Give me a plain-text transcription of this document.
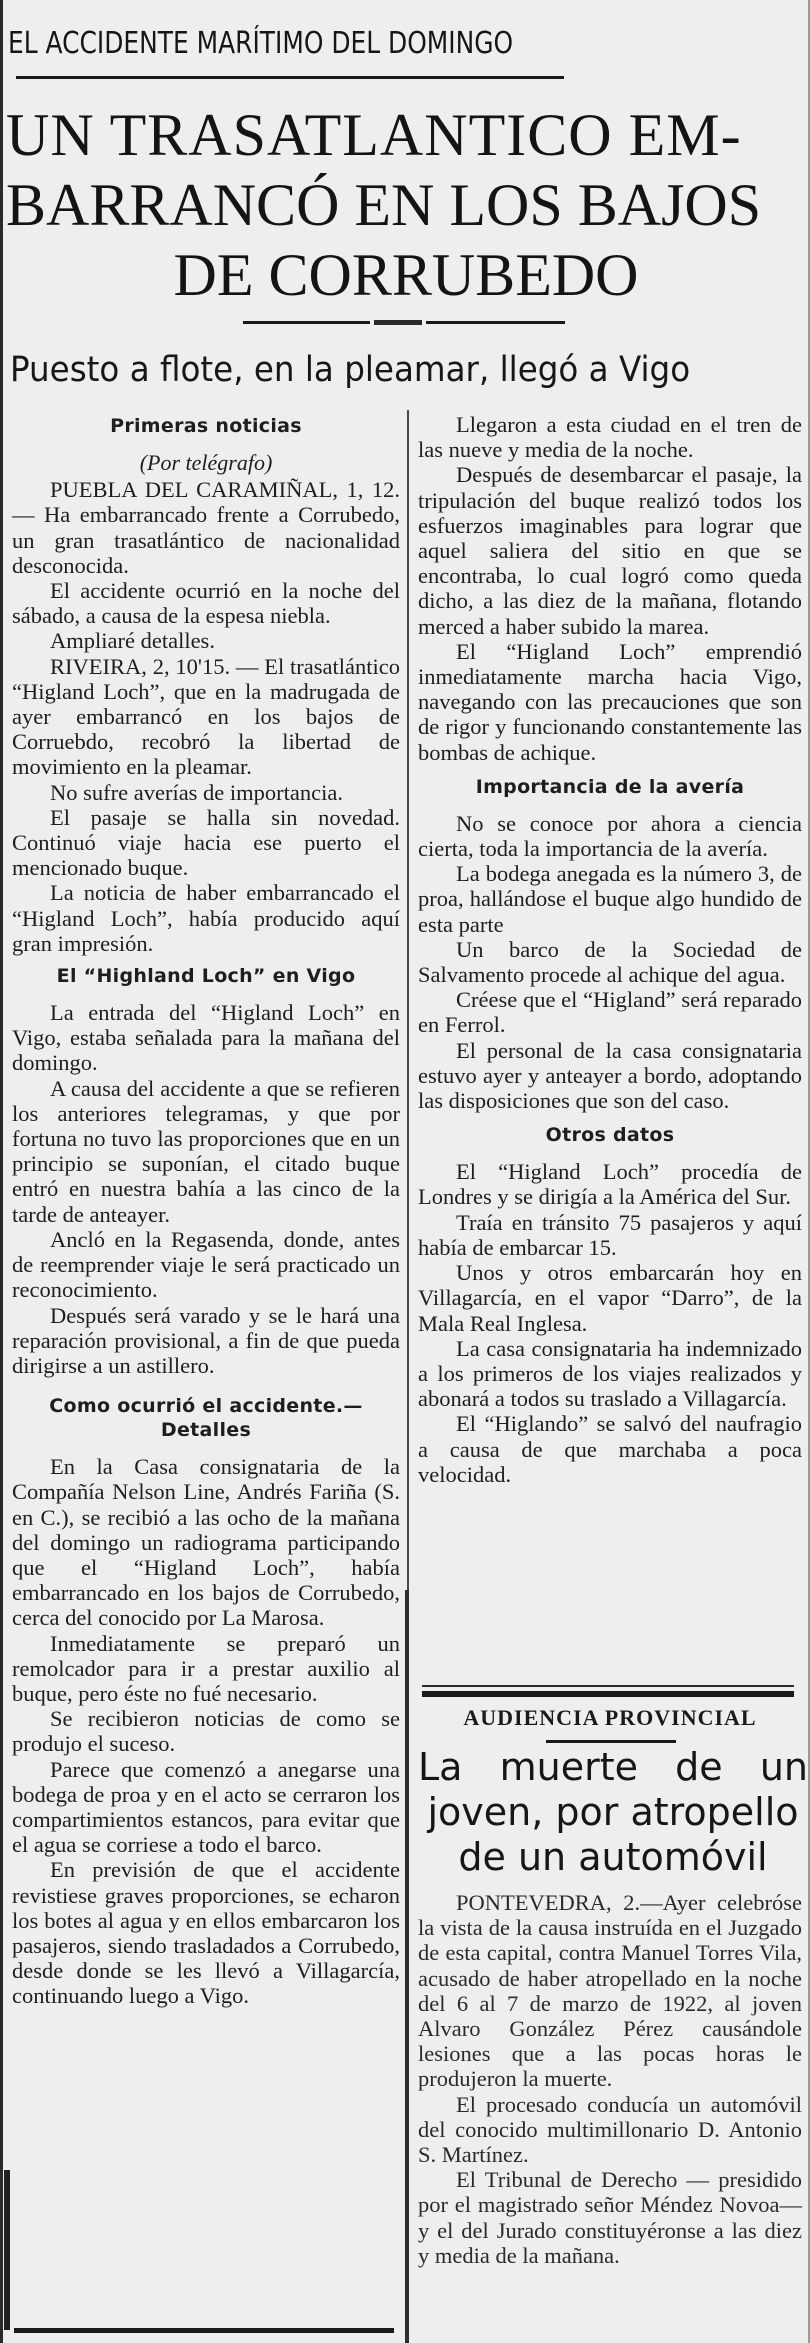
EL ACCIDENTE MARÍTIMO DEL DOMINGO
UN TRASATLANTICO EM-
BARRANCÓ EN LOS BAJOS
DE CORRUBEDO
Puesto a flote, en la pleamar, llegó a Vigo
Primeras noticias
(Por telégrafo)

PUEBLA DEL CARAMIÑAL, 1, 12. — Ha embarrancado frente a Corrubedo, un gran trasatlántico de nacionalidad desconocida.

El accidente ocurrió en la noche del sábado, a causa de la espesa niebla.

Ampliaré detalles.

RIVEIRA, 2, 10'15. — El trasatlántico “Higland Loch”, que en la madrugada de ayer embarrancó en los bajos de Corruebdo, recobró la libertad de movimiento en la pleamar.

No sufre averías de importancia.

El pasaje se halla sin novedad. Continuó viaje hacia ese puerto el mencionado buque.

La noticia de haber embarrancado el “Higland Loch”, había producido aquí gran impresión.

El “Highland Loch” en Vigo

La entrada del “Higland Loch” en Vigo, estaba señalada para la mañana del domingo.

A causa del accidente a que se refieren los anteriores telegramas, y que por fortuna no tuvo las proporciones que en un principio se suponían, el citado buque entró en nuestra bahía a las cinco de la tarde de anteayer.

Ancló en la Regasenda, donde, antes de reemprender viaje le será practicado un reconocimiento.

Después será varado y se le hará una reparación provisional, a fin de que pueda dirigirse a un astillero.

Como ocurrió el accidente.— Detalles

En la Casa consignataria de la Compañía Nelson Line, Andrés Fariña (S. en C.), se recibió a las ocho de la mañana del domingo un radiograma participando que el “Higland Loch”, había embarrancado en los bajos de Corrubedo, cerca del conocido por La Marosa.

Inmediatamente se preparó un remolcador para ir a prestar auxilio al buque, pero éste no fué necesario.

Se recibieron noticias de como se produjo el suceso.

Parece que comenzó a anegarse una bodega de proa y en el acto se cerraron los compartimientos estancos, para evitar que el agua se corriese a todo el barco.

En previsión de que el accidente revistiese graves proporciones, se echaron los botes al agua y en ellos embarcaron los pasajeros, siendo trasladados a Corrubedo, desde donde se les llevó a Villagarcía, continuando luego a Vigo.

Llegaron a esta ciudad en el tren de las nueve y media de la noche.

Después de desembarcar el pasaje, la tripulación del buque realizó todos los esfuerzos imaginables para lograr que aquel saliera del sitio en que se encontraba, lo cual logró como queda dicho, a las diez de la mañana, flotando merced a haber subido la marea.

El “Higland Loch” emprendió inmediatamente marcha hacia Vigo, navegando con las precauciones que son de rigor y funcionando constantemente las bombas de achique.

Importancia de la avería

No se conoce por ahora a ciencia cierta, toda la importancia de la avería.

La bodega anegada es la número 3, de proa, hallándose el buque algo hundido de esta parte

Un barco de la Sociedad de Salvamento procede al achique del agua.

Créese que el “Higland” será reparado en Ferrol.

El personal de la casa consignataria estuvo ayer y anteayer a bordo, adoptando las disposiciones que son del caso.

Otros datos

El “Higland Loch” procedía de Londres y se dirigía a la América del Sur.

Traía en tránsito 75 pasajeros y aquí había de embarcar 15.

Unos y otros embarcarán hoy en Villagarcía, en el vapor “Darro”, de la Mala Real Inglesa.

La casa consignataria ha indemnizado a los primeros de los viajes realizados y abonará a todos su traslado a Villagarcía.

El “Higlando” se salvó del naufragio a causa de que marchaba a poca velocidad.

AUDIENCIA PROVINCIAL
La muerte de un
joven, por atropello
de un automóvil

PONTEVEDRA, 2.—Ayer celebróse la vista de la causa instruída en el Juzgado de esta capital, contra Manuel Torres Vila, acusado de haber atropellado en la noche del 6 al 7 de marzo de 1922, al joven Alvaro González Pérez causándole lesiones que a las pocas horas le produjeron la muerte.

El procesado conducía un automóvil del conocido multimillonario D. Antonio S. Martínez.

El Tribunal de Derecho — presidido por el magistrado señor Méndez Novoa—y el del Jurado constituyéronse a las diez y media de la mañana.
